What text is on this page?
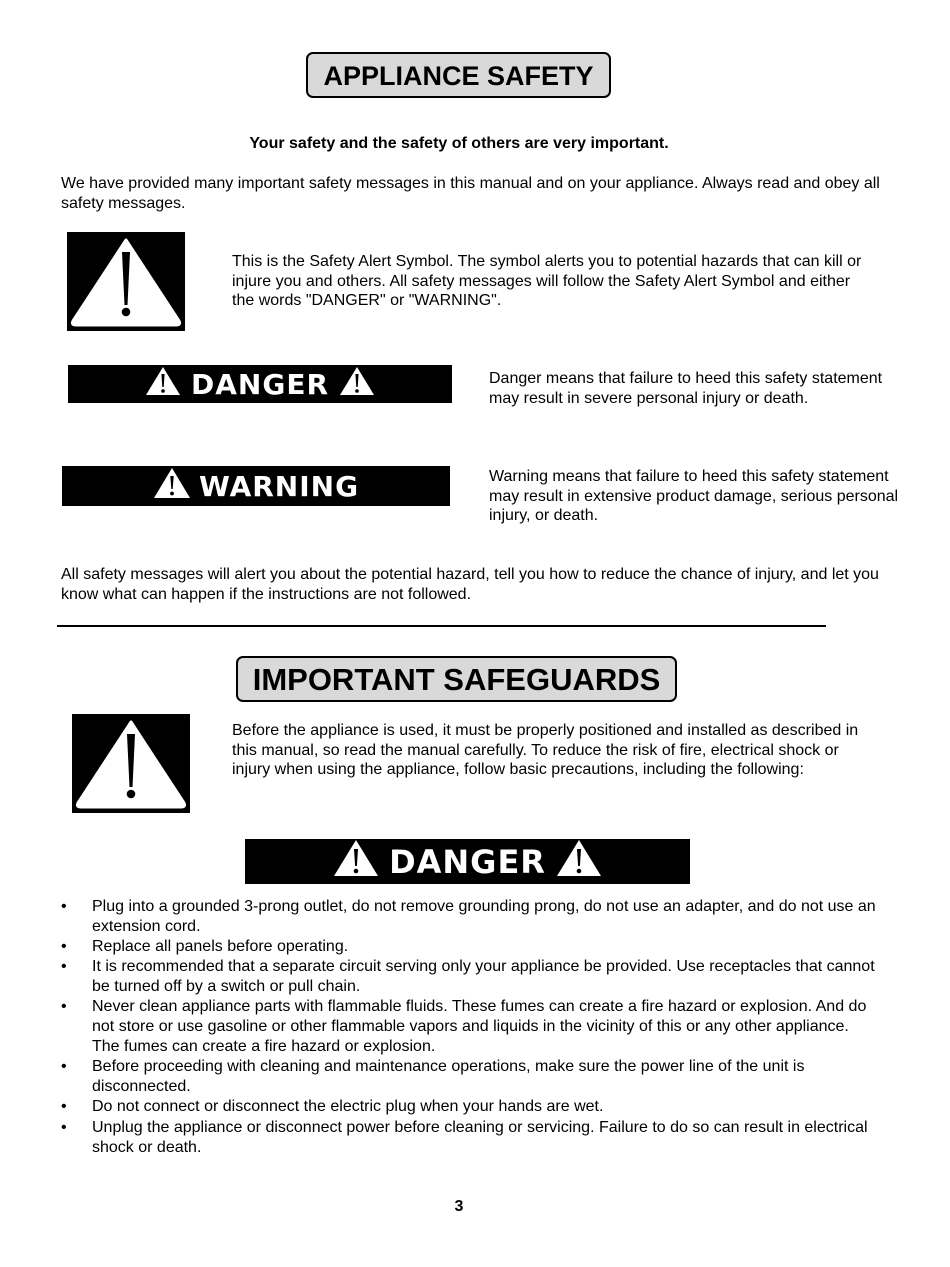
APPLIANCE SAFETY
Your safety and the safety of others are very important.
We have provided many important safety messages in this manual and on your appliance. Always read and obey all safety messages.
This is the Safety Alert Symbol. The symbol alerts you to potential hazards that can kill or injure you and others. All safety messages will follow the Safety Alert Symbol and either the words "DANGER" or "WARNING".
DANGER	Danger means that failure to heed this safety statement may result in severe personal injury or death.
WARNING	Warning means that failure to heed this safety statement may result in extensive product damage, serious personal injury, or death.
All safety messages will alert you about the potential hazard, tell you how to reduce the chance of injury, and let you know what can happen if the instructions are not followed.
IMPORTANT SAFEGUARDS
Before the appliance is used, it must be properly positioned and installed as described in this manual, so read the manual carefully. To reduce the risk of fire, electrical shock or injury when using the appliance, follow basic precautions, including the following:
DANGER
• Plug into a grounded 3-prong outlet, do not remove grounding prong, do not use an adapter, and do not use an extension cord.
• Replace all panels before operating.
• It is recommended that a separate circuit serving only your appliance be provided. Use receptacles that cannot be turned off by a switch or pull chain.
• Never clean appliance parts with flammable fluids. These fumes can create a fire hazard or explosion. And do not store or use gasoline or other flammable vapors and liquids in the vicinity of this or any other appliance. The fumes can create a fire hazard or explosion.
• Before proceeding with cleaning and maintenance operations, make sure the power line of the unit is disconnected.
• Do not connect or disconnect the electric plug when your hands are wet.
• Unplug the appliance or disconnect power before cleaning or servicing. Failure to do so can result in electrical shock or death.
3
